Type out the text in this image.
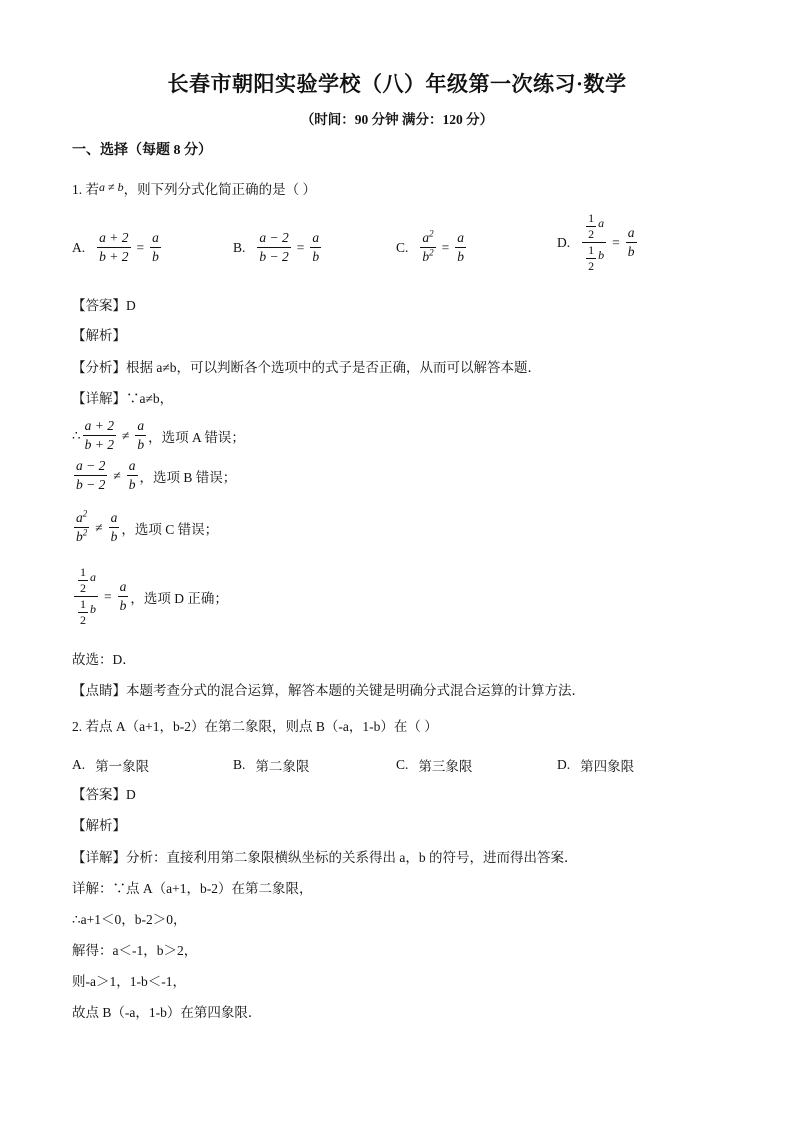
长春市朝阳实验学校（八）年级第一次练习·数学
（时间：90 分钟 满分：120 分）
一、选择（每题 8 分）
1. 若a ≠ b，则下列分式化简正确的是（ ）
A. $\frac{a + 2}{b + 2} = \frac{a}{b}$	B. $\frac{a - 2}{b - 2} = \frac{a}{b}$	C. $\frac{a^2}{b^2} = \frac{a}{b}$	D. $\frac{\frac{1}{2} a}{\frac{1}{2} b} = \frac{a}{b}$
【答案】D
【解析】
【分析】根据 a≠b，可以判断各个选项中的式子是否正确，从而可以解答本题．
【详解】∵a≠b，
∴ $\frac{a + 2}{b + 2} \ne \frac{a}{b}$ ，选项 A 错误；
$\frac{a - 2}{b - 2} \ne \frac{a}{b}$ ，选项 B 错误；
$\frac{a^2}{b^2} \ne \frac{a}{b}$ ，选项 C 错误；
$\frac{\frac{1}{2} a}{\frac{1}{2} b} = \frac{a}{b}$ ，选项 D 正确；
故选：D．
【点睛】本题考查分式的混合运算，解答本题的关键是明确分式混合运算的计算方法．
2. 若点 A（a+1，b-2）在第二象限，则点 B（-a，1-b）在（ ）
A. 第一象限	B. 第二象限	C. 第三象限	D. 第四象限
【答案】D
【解析】
【详解】分析：直接利用第二象限横纵坐标的关系得出 a，b 的符号，进而得出答案．
详解：∵点 A（a+1，b-2）在第二象限，
∴a+1＜0，b-2＞0，
解得：a＜-1，b＞2，
则-a＞1，1-b＜-1，
故点 B（-a，1-b）在第四象限．
